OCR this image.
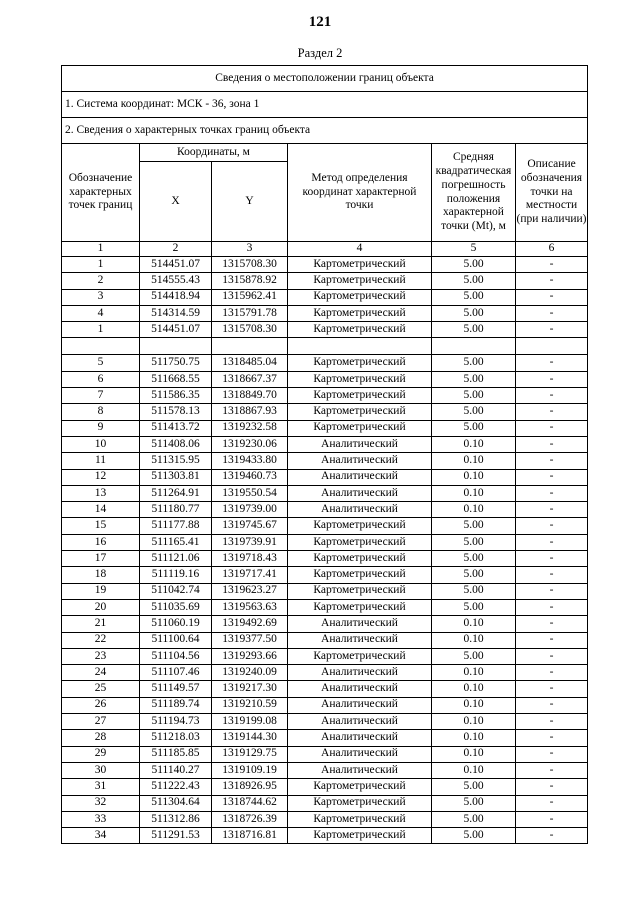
121
Раздел 2
Сведения о местоположении границ объекта					
1. Система координат: МСК - 36, зона 1					
2. Сведения о характерных точках границ объекта					
Обозначение характерных точек границ	Координаты, м		Метод определения координат характерной точки	Средняя квадратическая погрешность положения характерной точки (Mt), м	Описание обозначения точки на местности (при наличии)
	X	Y			
1	2	3	4	5	6
1	514451.07	1315708.30	Картометрический	5.00	-
2	514555.43	1315878.92	Картометрический	5.00	-
3	514418.94	1315962.41	Картометрический	5.00	-
4	514314.59	1315791.78	Картометрический	5.00	-
1	514451.07	1315708.30	Картометрический	5.00	-

5	511750.75	1318485.04	Картометрический	5.00	-
6	511668.55	1318667.37	Картометрический	5.00	-
7	511586.35	1318849.70	Картометрический	5.00	-
8	511578.13	1318867.93	Картометрический	5.00	-
9	511413.72	1319232.58	Картометрический	5.00	-
10	511408.06	1319230.06	Аналитический	0.10	-
11	511315.95	1319433.80	Аналитический	0.10	-
12	511303.81	1319460.73	Аналитический	0.10	-
13	511264.91	1319550.54	Аналитический	0.10	-
14	511180.77	1319739.00	Аналитический	0.10	-
15	511177.88	1319745.67	Картометрический	5.00	-
16	511165.41	1319739.91	Картометрический	5.00	-
17	511121.06	1319718.43	Картометрический	5.00	-
18	511119.16	1319717.41	Картометрический	5.00	-
19	511042.74	1319623.27	Картометрический	5.00	-
20	511035.69	1319563.63	Картометрический	5.00	-
21	511060.19	1319492.69	Аналитический	0.10	-
22	511100.64	1319377.50	Аналитический	0.10	-
23	511104.56	1319293.66	Картометрический	5.00	-
24	511107.46	1319240.09	Аналитический	0.10	-
25	511149.57	1319217.30	Аналитический	0.10	-
26	511189.74	1319210.59	Аналитический	0.10	-
27	511194.73	1319199.08	Аналитический	0.10	-
28	511218.03	1319144.30	Аналитический	0.10	-
29	511185.85	1319129.75	Аналитический	0.10	-
30	511140.27	1319109.19	Аналитический	0.10	-
31	511222.43	1318926.95	Картометрический	5.00	-
32	511304.64	1318744.62	Картометрический	5.00	-
33	511312.86	1318726.39	Картометрический	5.00	-
34	511291.53	1318716.81	Картометрический	5.00	-
